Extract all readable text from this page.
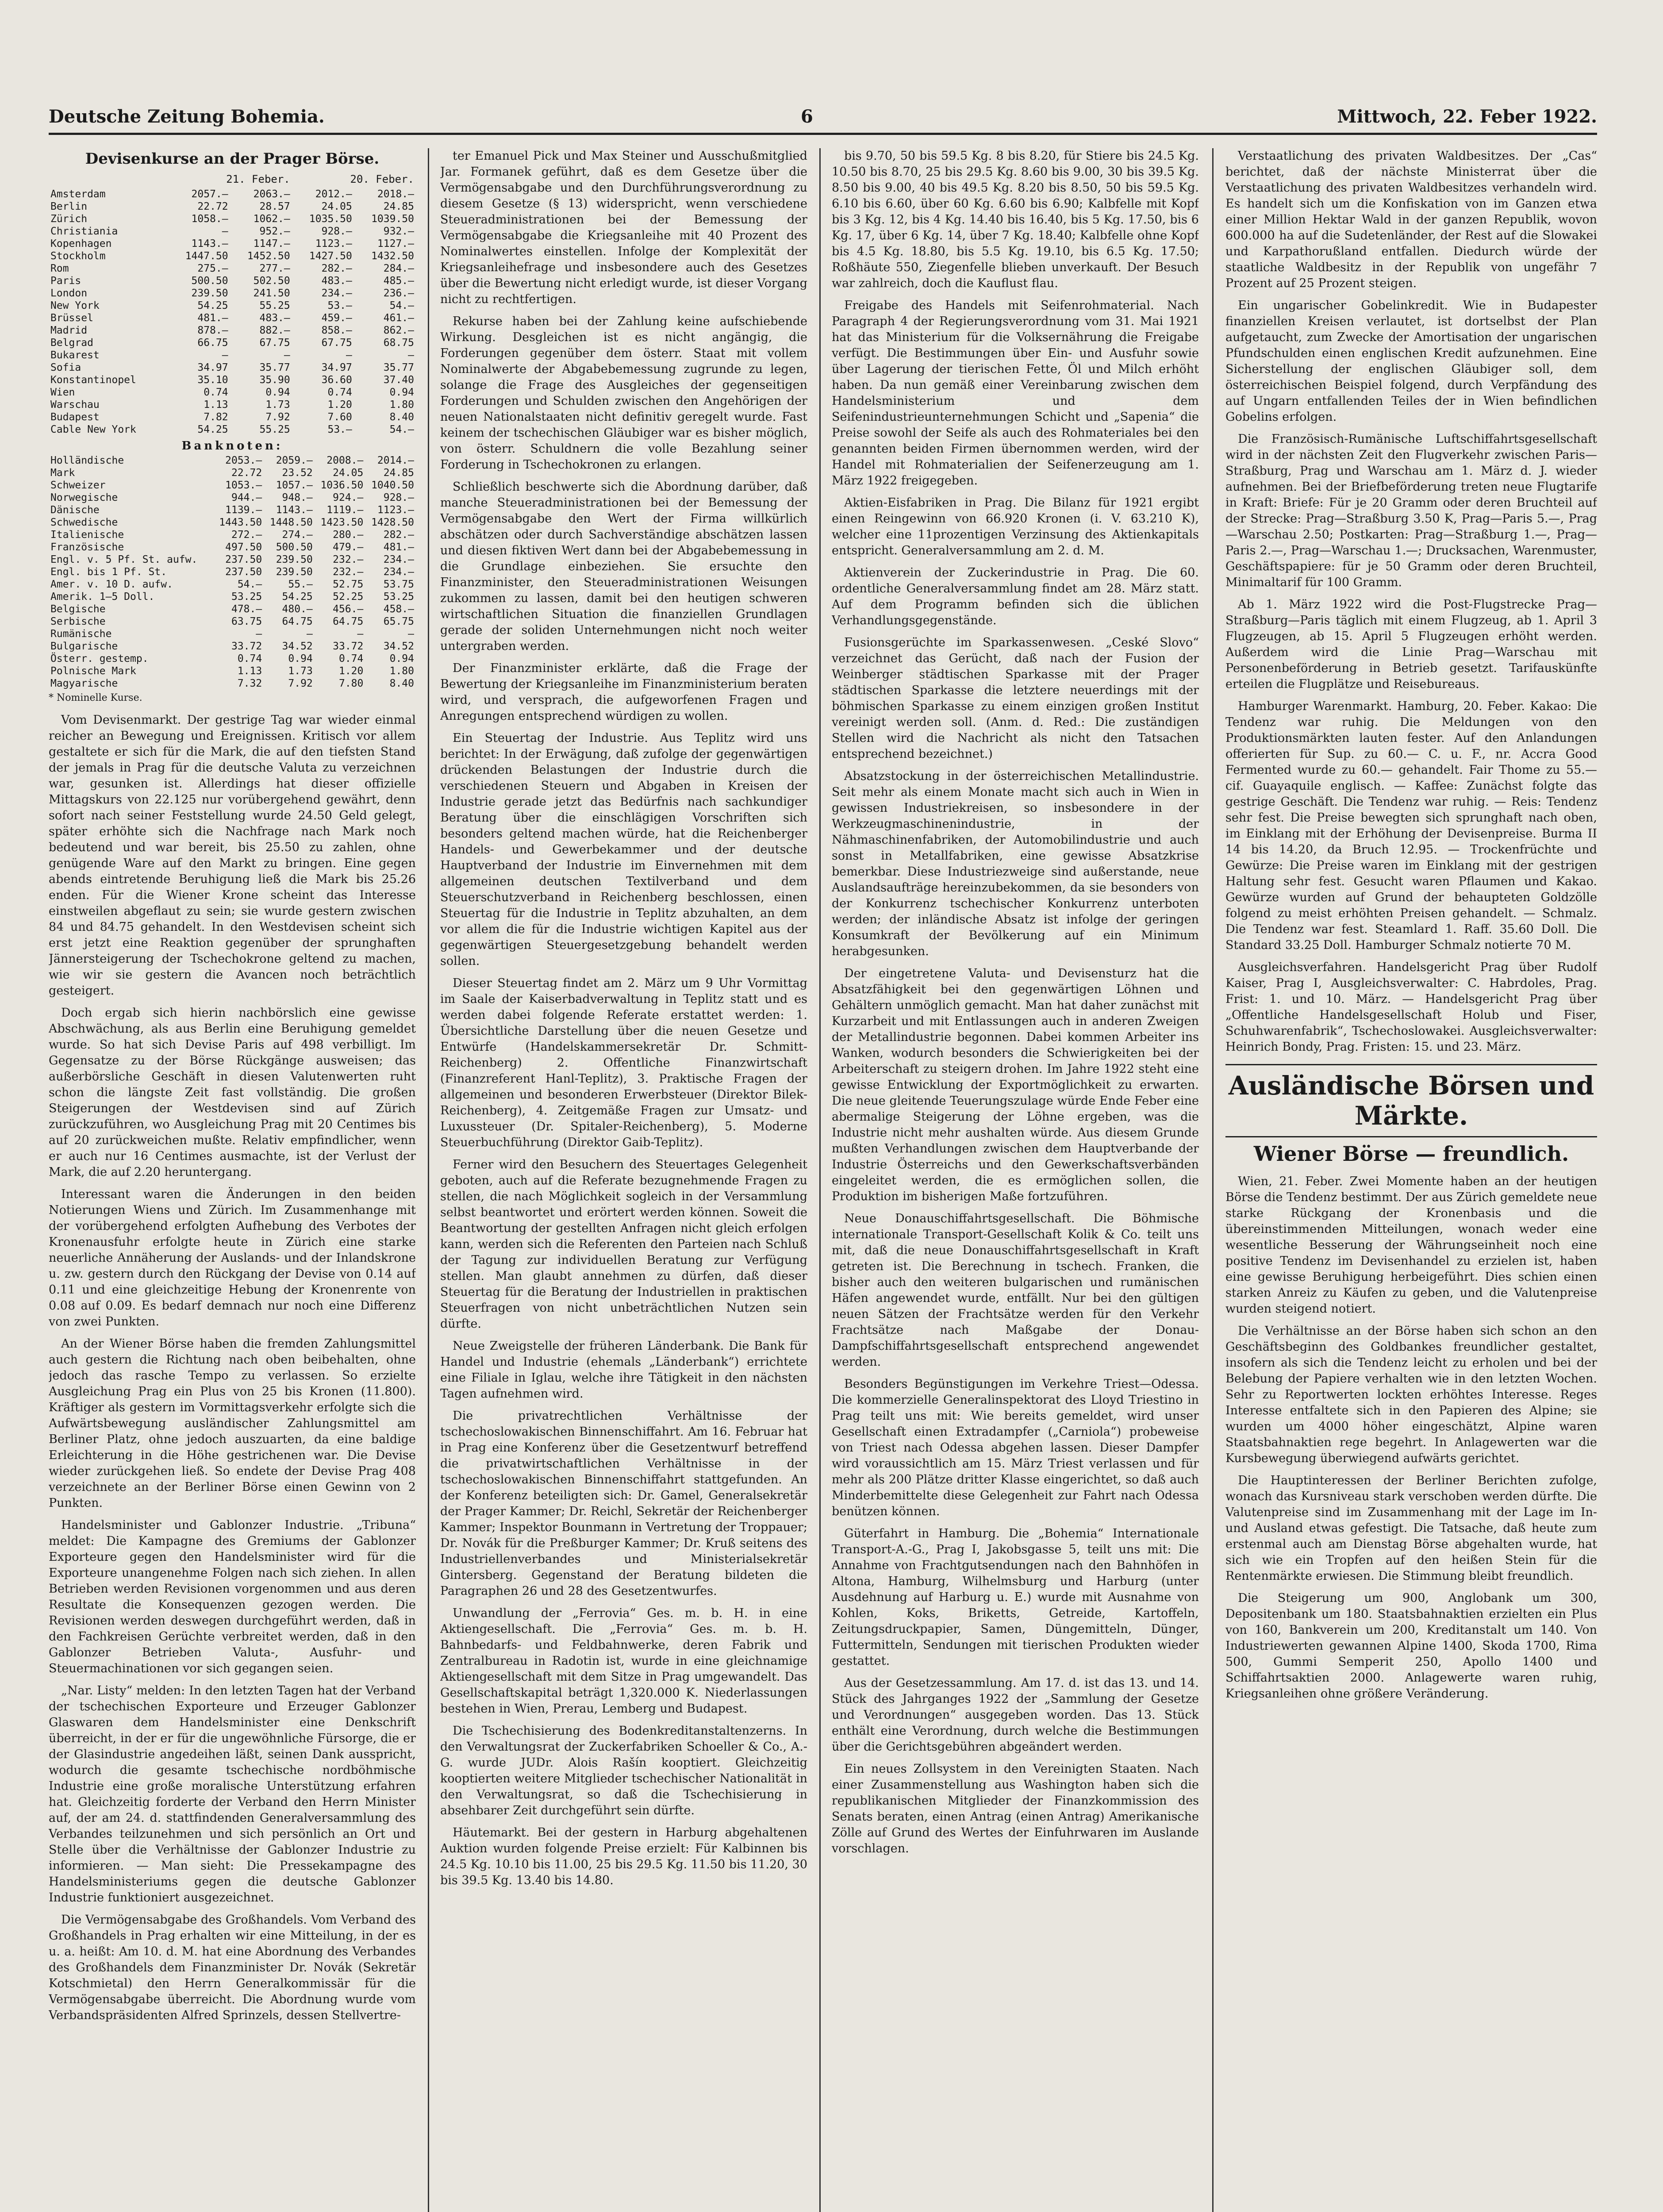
Deutsche Zeitung Bohemia.	6	Mittwoch, 22. Feber 1922.
Devisenkurse an der Prager Börse.
	21. Feber.		20. Feber.	
Amsterdam	2057.—	2063.—	2012.—	2018.—
Berlin	22.72	28.57	24.05	24.85
Zürich	1058.—	1062.—	1035.50	1039.50
Christiania	—	952.—	928.—	932.—
Kopenhagen	1143.—	1147.—	1123.—	1127.—
Stockholm	1447.50	1452.50	1427.50	1432.50
Rom	275.—	277.—	282.—	284.—
Paris	500.50	502.50	483.—	485.—
London	239.50	241.50	234.—	236.—
New York	54.25	55.25	53.—	54.—
Brüssel	481.—	483.—	459.—	461.—
Madrid	878.—	882.—	858.—	862.—
Belgrad	66.75	67.75	67.75	68.75
Bukarest	—	—	—	—
Sofia	34.97	35.77	34.97	35.77
Konstantinopel	35.10	35.90	36.60	37.40
Wien	0.74	0.94	0.74	0.94
Warschau	1.13	1.73	1.20	1.80
Budapest	7.82	7.92	7.60	8.40
Cable New York	54.25	55.25	53.—	54.—
Banknoten:
Holländische	2053.—	2059.—	2008.—	2014.—
Mark	22.72	23.52	24.05	24.85
Schweizer	1053.—	1057.—	1036.50	1040.50
Norwegische	944.—	948.—	924.—	928.—
Dänische	1139.—	1143.—	1119.—	1123.—
Schwedische	1443.50	1448.50	1423.50	1428.50
Italienische	272.—	274.—	280.—	282.—
Französische	497.50	500.50	479.—	481.—
Engl. v. 5 Pf. St. aufw.	237.50	239.50	232.—	234.—
Engl. bis 1 Pf. St.	237.50	239.50	232.—	234.—
Amer. v. 10 D. aufw.	54.—	55.—	52.75	53.75
Amerik. 1—5 Doll.	53.25	54.25	52.25	53.25
Belgische	478.—	480.—	456.—	458.—
Serbische	63.75	64.75	64.75	65.75
Rumänische	—	—	—	—
Bulgarische	33.72	34.52	33.72	34.52
Österr. gestemp.	0.74	0.94	0.74	0.94
Polnische Mark	1.13	1.73	1.20	1.80
Magyarische	7.32	7.92	7.80	8.40
* Nominelle Kurse.

Vom Devisenmarkt. Der gestrige Tag war wieder einmal reicher an Bewegung und Ereignissen. Kritisch vor allem gestaltete er sich für die Mark, die auf den tiefsten Stand der jemals in Prag für die deutsche Valuta zu verzeichnen war, gesunken ist. Allerdings hat dieser offizielle Mittagskurs von 22.125 nur vorübergehend gewährt, denn sofort nach seiner Feststellung wurde 24.50 Geld gelegt, später erhöhte sich die Nachfrage nach Mark noch bedeutend und war bereit, bis 25.50 zu zahlen, ohne genügende Ware auf den Markt zu bringen. Eine gegen abends eintretende Beruhigung ließ die Mark bis 25.26 enden. Für die Wiener Krone scheint das Interesse einstweilen abgeflaut zu sein; sie wurde gestern zwischen 84 und 84.75 gehandelt. In den Westdevisen scheint sich erst jetzt eine Reaktion gegenüber der sprunghaften Jännersteigerung der Tschechokrone geltend zu machen, wie wir sie gestern die Avancen noch beträchtlich gesteigert.

Doch ergab sich hierin nachbörslich eine gewisse Abschwächung, als aus Berlin eine Beruhigung gemeldet wurde. So hat sich Devise Paris auf 498 verbilligt. Im Gegensatze zu der Börse Rückgänge ausweisen; das außerbörsliche Geschäft in diesen Valutenwerten ruht schon die längste Zeit fast vollständig. Die großen Steigerungen der Westdevisen sind auf Zürich zurückzuführen, wo Ausgleichung Prag mit 20 Centimes bis auf 20 zurückweichen mußte. Relativ empfindlicher, wenn er auch nur 16 Centimes ausmachte, ist der Verlust der Mark, die auf 2.20 heruntergang.

Interessant waren die Änderungen in den beiden Notierungen Wiens und Zürich. Im Zusammenhange mit der vorübergehend erfolgten Aufhebung des Verbotes der Kronenausfuhr erfolgte heute in Zürich eine starke neuerliche Annäherung der Auslands- und der Inlandskrone u. zw. gestern durch den Rückgang der Devise von 0.14 auf 0.11 und eine gleichzeitige Hebung der Kronenrente von 0.08 auf 0.09. Es bedarf demnach nur noch eine Differenz von zwei Punkten.

An der Wiener Börse haben die fremden Zahlungsmittel auch gestern die Richtung nach oben beibehalten, ohne jedoch das rasche Tempo zu verlassen. So erzielte Ausgleichung Prag ein Plus von 25 bis Kronen (11.800). Kräftiger als gestern im Vormittagsverkehr erfolgte sich die Aufwärtsbewegung ausländischer Zahlungsmittel am Berliner Platz, ohne jedoch auszuarten, da eine baldige Erleichterung in die Höhe gestrichenen war. Die Devise wieder zurückgehen ließ. So endete der Devise Prag 408 verzeichnete an der Berliner Börse einen Gewinn von 2 Punkten.

Handelsminister und Gablonzer Industrie. „Tribuna“ meldet: Die Kampagne des Gremiums der Gablonzer Exporteure gegen den Handelsminister wird für die Exporteure unangenehme Folgen nach sich ziehen. In allen Betrieben werden Revisionen vorgenommen und aus deren Resultate die Konsequenzen gezogen werden. Die Revisionen werden deswegen durchgeführt werden, daß in den Fachkreisen Gerüchte verbreitet werden, daß in den Gablonzer Betrieben Valuta-, Ausfuhr- und Steuermachinationen vor sich gegangen seien.

„Nar. Listy“ melden: In den letzten Tagen hat der Verband der tschechischen Exporteure und Erzeuger Gablonzer Glaswaren dem Handelsminister eine Denkschrift überreicht, in der er für die ungewöhnliche Fürsorge, die er der Glasindustrie angedeihen läßt, seinen Dank ausspricht, wodurch die gesamte tschechische nordböhmische Industrie eine große moralische Unterstützung erfahren hat. Gleichzeitig forderte der Verband den Herrn Minister auf, der am 24. d. stattfindenden Generalversammlung des Verbandes teilzunehmen und sich persönlich an Ort und Stelle über die Verhältnisse der Gablonzer Industrie zu informieren. — Man sieht: Die Pressekampagne des Handelsministeriums gegen die deutsche Gablonzer Industrie funktioniert ausgezeichnet.

Die Vermögensabgabe des Großhandels. Vom Verband des Großhandels in Prag erhalten wir eine Mitteilung, in der es u. a. heißt: Am 10. d. M. hat eine Abordnung des Verbandes des Großhandels dem Finanzminister Dr. Novák (Sekretär Kotschmietal) den Herrn Generalkommissär für die Vermögensabgabe überreicht. Die Abordnung wurde vom Verbandspräsidenten Alfred Sprinzels, dessen Stellvertre-

ter Emanuel Pick und Max Steiner und Ausschußmitglied Jar. Formanek geführt, daß es dem Gesetze über die Vermögensabgabe und den Durchführungsverordnung zu diesem Gesetze (§ 13) widerspricht, wenn verschiedene Steueradministrationen bei der Bemessung der Vermögensabgabe die Kriegsanleihe mit 40 Prozent des Nominalwertes einstellen. Infolge der Komplexität der Kriegsanleihefrage und insbesondere auch des Gesetzes über die Bewertung nicht erledigt wurde, ist dieser Vorgang nicht zu rechtfertigen.

Rekurse haben bei der Zahlung keine aufschiebende Wirkung. Desgleichen ist es nicht angängig, die Forderungen gegenüber dem österr. Staat mit vollem Nominalwerte der Abgabebemessung zugrunde zu legen, solange die Frage des Ausgleiches der gegenseitigen Forderungen und Schulden zwischen den Angehörigen der neuen Nationalstaaten nicht definitiv geregelt wurde. Fast keinem der tschechischen Gläubiger war es bisher möglich, von österr. Schuldnern die volle Bezahlung seiner Forderung in Tschechokronen zu erlangen.

Schließlich beschwerte sich die Abordnung darüber, daß manche Steueradministrationen bei der Bemessung der Vermögensabgabe den Wert der Firma willkürlich abschätzen oder durch Sachverständige abschätzen lassen und diesen fiktiven Wert dann bei der Abgabebemessung in die Grundlage einbeziehen. Sie ersuchte den Finanzminister, den Steueradministrationen Weisungen zukommen zu lassen, damit bei den heutigen schweren wirtschaftlichen Situation die finanziellen Grundlagen gerade der soliden Unternehmungen nicht noch weiter untergraben werden.

Der Finanzminister erklärte, daß die Frage der Bewertung der Kriegsanleihe im Finanzministerium beraten wird, und versprach, die aufgeworfenen Fragen und Anregungen entsprechend würdigen zu wollen.

Ein Steuertag der Industrie. Aus Teplitz wird uns berichtet: In der Erwägung, daß zufolge der gegenwärtigen drückenden Belastungen der Industrie durch die verschiedenen Steuern und Abgaben in Kreisen der Industrie gerade jetzt das Bedürfnis nach sachkundiger Beratung über die einschlägigen Vorschriften sich besonders geltend machen würde, hat die Reichenberger Handels- und Gewerbekammer und der deutsche Hauptverband der Industrie im Einvernehmen mit dem allgemeinen deutschen Textilverband und dem Steuerschutzverband in Reichenberg beschlossen, einen Steuertag für die Industrie in Teplitz abzuhalten, an dem vor allem die für die Industrie wichtigen Kapitel aus der gegenwärtigen Steuergesetzgebung behandelt werden sollen.

Dieser Steuertag findet am 2. März um 9 Uhr Vormittag im Saale der Kaiserbadverwaltung in Teplitz statt und es werden dabei folgende Referate erstattet werden: 1. Übersichtliche Darstellung über die neuen Gesetze und Entwürfe (Handelskammersekretär Dr. Schmitt-Reichenberg) 2. Offentliche Finanzwirtschaft (Finanzreferent Hanl-Teplitz), 3. Praktische Fragen der allgemeinen und besonderen Erwerbsteuer (Direktor Bilek-Reichenberg), 4. Zeitgemäße Fragen zur Umsatz- und Luxussteuer (Dr. Spitaler-Reichenberg), 5. Moderne Steuerbuchführung (Direktor Gaib-Teplitz).

Ferner wird den Besuchern des Steuertages Gelegenheit geboten, auch auf die Referate bezugnehmende Fragen zu stellen, die nach Möglichkeit sogleich in der Versammlung selbst beantwortet und erörtert werden können. Soweit die Beantwortung der gestellten Anfragen nicht gleich erfolgen kann, werden sich die Referenten den Parteien nach Schluß der Tagung zur individuellen Beratung zur Verfügung stellen. Man glaubt annehmen zu dürfen, daß dieser Steuertag für die Beratung der Industriellen in praktischen Steuerfragen von nicht unbeträchtlichen Nutzen sein dürfte.

Neue Zweigstelle der früheren Länderbank. Die Bank für Handel und Industrie (ehemals „Länderbank“) errichtete eine Filiale in Iglau, welche ihre Tätigkeit in den nächsten Tagen aufnehmen wird.

Die privatrechtlichen Verhältnisse der tschechoslowakischen Binnenschiffahrt. Am 16. Februar hat in Prag eine Konferenz über die Gesetzentwurf betreffend die privatwirtschaftlichen Verhältnisse in der tschechoslowakischen Binnenschiffahrt stattgefunden. An der Konferenz beteiligten sich: Dr. Gamel, Generalsekretär der Prager Kammer; Dr. Reichl, Sekretär der Reichenberger Kammer; Inspektor Bounmann in Vertretung der Troppauer; Dr. Novák für die Preßburger Kammer; Dr. Kruß seitens des Industriellenverbandes und Ministerialsekretär Gintersberg. Gegenstand der Beratung bildeten die Paragraphen 26 und 28 des Gesetzentwurfes.

Unwandlung der „Ferrovia“ Ges. m. b. H. in eine Aktiengesellschaft. Die „Ferrovia“ Ges. m. b. H. Bahnbedarfs- und Feldbahnwerke, deren Fabrik und Zentralbureau in Radotin ist, wurde in eine gleichnamige Aktiengesellschaft mit dem Sitze in Prag umgewandelt. Das Gesellschaftskapital beträgt 1,320.000 K. Niederlassungen bestehen in Wien, Prerau, Lemberg und Budapest.

Die Tschechisierung des Bodenkreditanstaltenzerns. In den Verwaltungsrat der Zuckerfabriken Schoeller & Co., A.-G. wurde JUDr. Alois Rašín kooptiert. Gleichzeitig kooptierten weitere Mitglieder tschechischer Nationalität in den Verwaltungsrat, so daß die Tschechisierung in absehbarer Zeit durchgeführt sein dürfte.

Häutemarkt. Bei der gestern in Harburg abgehaltenen Auktion wurden folgende Preise erzielt: Für Kalbinnen bis 24.5 Kg. 10.10 bis 11.00, 25 bis 29.5 Kg. 11.50 bis 11.20, 30 bis 39.5 Kg. 13.40 bis 14.80.

bis 9.70, 50 bis 59.5 Kg. 8 bis 8.20, für Stiere bis 24.5 Kg. 10.50 bis 8.70, 25 bis 29.5 Kg. 8.60 bis 9.00, 30 bis 39.5 Kg. 8.50 bis 9.00, 40 bis 49.5 Kg. 8.20 bis 8.50, 50 bis 59.5 Kg. 6.10 bis 6.60, über 60 Kg. 6.60 bis 6.90; Kalbfelle mit Kopf bis 3 Kg. 12, bis 4 Kg. 14.40 bis 16.40, bis 5 Kg. 17.50, bis 6 Kg. 17, über 6 Kg. 14, über 7 Kg. 18.40; Kalbfelle ohne Kopf bis 4.5 Kg. 18.80, bis 5.5 Kg. 19.10, bis 6.5 Kg. 17.50; Roßhäute 550, Ziegenfelle blieben unverkauft. Der Besuch war zahlreich, doch die Kauflust flau.

Freigabe des Handels mit Seifenrohmaterial. Nach Paragraph 4 der Regierungsverordnung vom 31. Mai 1921 hat das Ministerium für die Volksernährung die Freigabe verfügt. Die Bestimmungen über Ein- und Ausfuhr sowie über Lagerung der tierischen Fette, Öl und Milch erhöht haben. Da nun gemäß einer Vereinbarung zwischen dem Handelsministerium und dem Seifenindustrieunternehmungen Schicht und „Sapenia“ die Preise sowohl der Seife als auch des Rohmateriales bei den genannten beiden Firmen übernommen werden, wird der Handel mit Rohmaterialien der Seifenerzeugung am 1. März 1922 freigegeben.

Aktien-Eisfabriken in Prag. Die Bilanz für 1921 ergibt einen Reingewinn von 66.920 Kronen (i. V. 63.210 K), welcher eine 11prozentigen Verzinsung des Aktienkapitals entspricht. Generalversammlung am 2. d. M.

Aktienverein der Zuckerindustrie in Prag. Die 60. ordentliche Generalversammlung findet am 28. März statt. Auf dem Programm befinden sich die üblichen Verhandlungsgegenstände.

Fusionsgerüchte im Sparkassenwesen. „Ceské Slovo“ verzeichnet das Gerücht, daß nach der Fusion der Weinberger städtischen Sparkasse mit der Prager städtischen Sparkasse die letztere neuerdings mit der böhmischen Sparkasse zu einem einzigen großen Institut vereinigt werden soll. (Anm. d. Red.: Die zuständigen Stellen wird die Nachricht als nicht den Tatsachen entsprechend bezeichnet.)

Absatzstockung in der österreichischen Metallindustrie. Seit mehr als einem Monate macht sich auch in Wien in gewissen Industriekreisen, so insbesondere in der Werkzeugmaschinenindustrie, in der Nähmaschinenfabriken, der Automobilindustrie und auch sonst in Metallfabriken, eine gewisse Absatzkrise bemerkbar. Diese Industriezweige sind außerstande, neue Auslandsaufträge hereinzubekommen, da sie besonders von der Konkurrenz tschechischer Konkurrenz unterboten werden; der inländische Absatz ist infolge der geringen Konsumkraft der Bevölkerung auf ein Minimum herabgesunken.

Der eingetretene Valuta- und Devisensturz hat die Absatzfähigkeit bei den gegenwärtigen Löhnen und Gehältern unmöglich gemacht. Man hat daher zunächst mit Kurzarbeit und mit Entlassungen auch in anderen Zweigen der Metallindustrie begonnen. Dabei kommen Arbeiter ins Wanken, wodurch besonders die Schwierigkeiten bei der Arbeiterschaft zu steigern drohen. Im Jahre 1922 steht eine gewisse Entwicklung der Exportmöglichkeit zu erwarten. Die neue gleitende Teuerungszulage würde Ende Feber eine abermalige Steigerung der Löhne ergeben, was die Industrie nicht mehr aushalten würde. Aus diesem Grunde mußten Verhandlungen zwischen dem Hauptverbande der Industrie Österreichs und den Gewerkschaftsverbänden eingeleitet werden, die es ermöglichen sollen, die Produktion im bisherigen Maße fortzuführen.

Neue Donauschiffahrtsgesellschaft. Die Böhmische internationale Transport-Gesellschaft Kolik & Co. teilt uns mit, daß die neue Donauschiffahrtsgesellschaft in Kraft getreten ist. Die Berechnung in tschech. Franken, die bisher auch den weiteren bulgarischen und rumänischen Häfen angewendet wurde, entfällt. Nur bei den gültigen neuen Sätzen der Frachtsätze werden für den Verkehr Frachtsätze nach Maßgabe der Donau-Dampfschiffahrtsgesellschaft entsprechend angewendet werden.

Besonders Begünstigungen im Verkehre Triest—Odessa. Die kommerzielle Generalinspektorat des Lloyd Triestino in Prag teilt uns mit: Wie bereits gemeldet, wird unser Gesellschaft einen Extradampfer („Carniola“) probeweise von Triest nach Odessa abgehen lassen. Dieser Dampfer wird voraussichtlich am 15. März Triest verlassen und für mehr als 200 Plätze dritter Klasse eingerichtet, so daß auch Minderbemittelte diese Gelegenheit zur Fahrt nach Odessa benützen können.

Güterfahrt in Hamburg. Die „Bohemia“ Internationale Transport-A.-G., Prag I, Jakobsgasse 5, teilt uns mit: Die Annahme von Frachtgutsendungen nach den Bahnhöfen in Altona, Hamburg, Wilhelmsburg und Harburg (unter Ausdehnung auf Harburg u. E.) wurde mit Ausnahme von Kohlen, Koks, Briketts, Getreide, Kartoffeln, Zeitungsdruckpapier, Samen, Düngemitteln, Dünger, Futtermitteln, Sendungen mit tierischen Produkten wieder gestattet.

Aus der Gesetzessammlung. Am 17. d. ist das 13. und 14. Stück des Jahrganges 1922 der „Sammlung der Gesetze und Verordnungen“ ausgegeben worden. Das 13. Stück enthält eine Verordnung, durch welche die Bestimmungen über die Gerichtsgebühren abgeändert werden.

Ein neues Zollsystem in den Vereinigten Staaten. Nach einer Zusammenstellung aus Washington haben sich die republikanischen Mitglieder der Finanzkommission des Senats beraten, einen Antrag (einen Antrag) Amerikanische Zölle auf Grund des Wertes der Einfuhrwaren im Auslande vorschlagen.

Verstaatlichung des privaten Waldbesitzes. Der „Cas“ berichtet, daß der nächste Ministerrat über die Verstaatlichung des privaten Waldbesitzes verhandeln wird. Es handelt sich um die Konfiskation von im Ganzen etwa einer Million Hektar Wald in der ganzen Republik, wovon 600.000 ha auf die Sudetenländer, der Rest auf die Slowakei und Karpathorußland entfallen. Diedurch würde der staatliche Waldbesitz in der Republik von ungefähr 7 Prozent auf 25 Prozent steigen.

Ein ungarischer Gobelinkredit. Wie in Budapester finanziellen Kreisen verlautet, ist dortselbst der Plan aufgetaucht, zum Zwecke der Amortisation der ungarischen Pfundschulden einen englischen Kredit aufzunehmen. Eine Sicherstellung der englischen Gläubiger soll, dem österreichischen Beispiel folgend, durch Verpfändung des auf Ungarn entfallenden Teiles der in Wien befindlichen Gobelins erfolgen.

Die Französisch-Rumänische Luftschiffahrtsgesellschaft wird in der nächsten Zeit den Flugverkehr zwischen Paris—Straßburg, Prag und Warschau am 1. März d. J. wieder aufnehmen. Bei der Briefbeförderung treten neue Flugtarife in Kraft: Briefe: Für je 20 Gramm oder deren Bruchteil auf der Strecke: Prag—Straßburg 3.50 K, Prag—Paris 5.—, Prag—Warschau 2.50; Postkarten: Prag—Straßburg 1.—, Prag—Paris 2.—, Prag—Warschau 1.—; Drucksachen, Warenmuster, Geschäftspapiere: für je 50 Gramm oder deren Bruchteil, Minimaltarif für 100 Gramm.

Ab 1. März 1922 wird die Post-Flugstrecke Prag—Straßburg—Paris täglich mit einem Flugzeug, ab 1. April 3 Flugzeugen, ab 15. April 5 Flugzeugen erhöht werden. Außerdem wird die Linie Prag—Warschau mit Personenbeförderung in Betrieb gesetzt. Tarifauskünfte erteilen die Flugplätze und Reisebureaus.

Hamburger Warenmarkt. Hamburg, 20. Feber. Kakao: Die Tendenz war ruhig. Die Meldungen von den Produktionsmärkten lauten fester. Auf den Anlandungen offerierten für Sup. zu 60.— C. u. F., nr. Accra Good Fermented wurde zu 60.— gehandelt. Fair Thome zu 55.— cif. Guayaquile englisch. — Kaffee: Zunächst folgte das gestrige Geschäft. Die Tendenz war ruhig. — Reis: Tendenz sehr fest. Die Preise bewegten sich sprunghaft nach oben, im Einklang mit der Erhöhung der Devisenpreise. Burma II 14 bis 14.20, da Bruch 12.95. — Trockenfrüchte und Gewürze: Die Preise waren im Einklang mit der gestrigen Haltung sehr fest. Gesucht waren Pflaumen und Kakao. Gewürze wurden auf Grund der behaupteten Goldzölle folgend zu meist erhöhten Preisen gehandelt. — Schmalz. Die Tendenz war fest. Steamlard 1. Raff. 35.60 Doll. Die Standard 33.25 Doll. Hamburger Schmalz notierte 70 M.

Ausgleichsverfahren. Handelsgericht Prag über Rudolf Kaiser, Prag I, Ausgleichsverwalter: C. Habrdoles, Prag. Frist: 1. und 10. März. — Handelsgericht Prag über „Offentliche Handelsgesellschaft Holub und Fiser, Schuhwarenfabrik“, Tschechoslowakei. Ausgleichsverwalter: Heinrich Bondy, Prag. Fristen: 15. und 23. März.

Ausländische Börsen und Märkte.
Wiener Börse — freundlich.

Wien, 21. Feber. Zwei Momente haben an der heutigen Börse die Tendenz bestimmt. Der aus Zürich gemeldete neue starke Rückgang der Kronenbasis und die übereinstimmenden Mitteilungen, wonach weder eine wesentliche Besserung der Währungseinheit noch eine positive Tendenz im Devisenhandel zu erzielen ist, haben eine gewisse Beruhigung herbeigeführt. Dies schien einen starken Anreiz zu Käufen zu geben, und die Valutenpreise wurden steigend notiert.

Die Verhältnisse an der Börse haben sich schon an den Geschäftsbeginn des Goldbankes freundlicher gestaltet, insofern als sich die Tendenz leicht zu erholen und bei der Belebung der Papiere verhalten wie in den letzten Wochen. Sehr zu Reportwerten lockten erhöhtes Interesse. Reges Interesse entfaltete sich in den Papieren des Alpine; sie wurden um 4000 höher eingeschätzt, Alpine waren Staatsbahnaktien rege begehrt. In Anlagewerten war die Kursbewegung überwiegend aufwärts gerichtet.

Die Hauptinteressen der Berliner Berichten zufolge, wonach das Kursniveau stark verschoben werden dürfte. Die Valutenpreise sind im Zusammenhang mit der Lage im In- und Ausland etwas gefestigt. Die Tatsache, daß heute zum erstenmal auch am Dienstag Börse abgehalten wurde, hat sich wie ein Tropfen auf den heißen Stein für die Rentenmärkte erwiesen. Die Stimmung bleibt freundlich.

Die Steigerung um 900, Anglobank um 300, Depositenbank um 180. Staatsbahnaktien erzielten ein Plus von 160, Bankverein um 200, Kreditanstalt um 140. Von Industriewerten gewannen Alpine 1400, Skoda 1700, Rima 500, Gummi Semperit 250, Apollo 1400 und Schiffahrtsaktien 2000. Anlagewerte waren ruhig, Kriegsanleihen ohne größere Veränderung.
